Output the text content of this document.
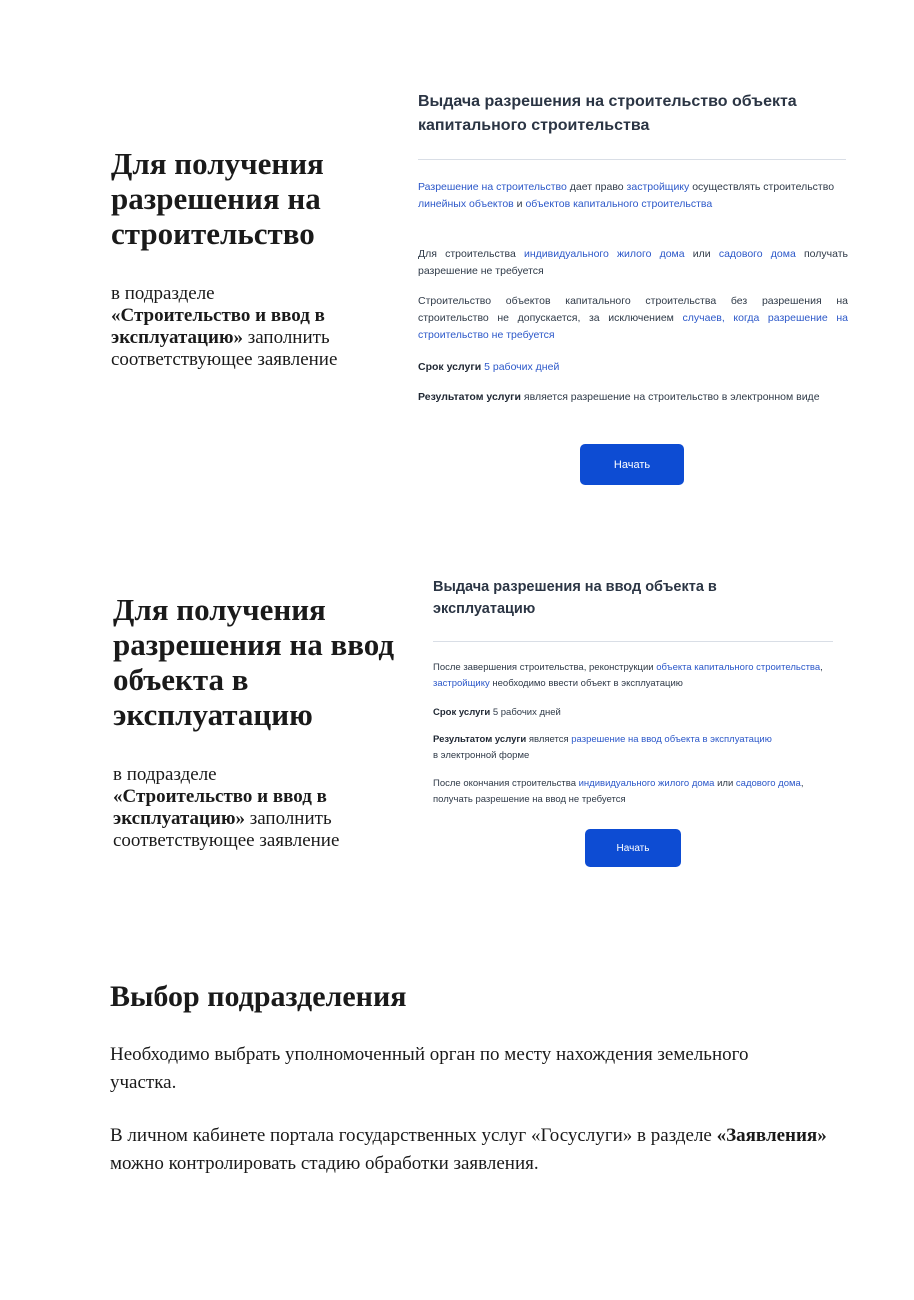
Для получения
разрешения на
строительство
в подразделе
«Строительство и ввод в эксплуатацию» заполнить соответствующее заявление
Выдача разрешения на строительство объекта капитального строительства
Разрешение на строительство дает право застройщику осуществлять строительство линейных объектов и объектов капитального строительства
Для строительства индивидуального жилого дома или садового дома получать разрешение не требуется
Строительство объектов капитального строительства без разрешения на строительство не допускается, за исключением случаев, когда разрешение на строительство не требуется
Срок услуги 5 рабочих дней
Результатом услуги является разрешение на строительство в электронном виде
Начать
Для получения
разрешения на ввод
объекта в
эксплуатацию
в подразделе
«Строительство и ввод в эксплуатацию» заполнить соответствующее заявление
Выдача разрешения на ввод объекта в эксплуатацию
После завершения строительства, реконструкции объекта капитального строительства, застройщику необходимо ввести объект в эксплуатацию
Срок услуги 5 рабочих дней
Результатом услуги является разрешение на ввод объекта в эксплуатацию в электронной форме
После окончания строительства индивидуального жилого дома или садового дома, получать разрешение на ввод не требуется
Начать
Выбор подразделения
Необходимо выбрать уполномоченный орган по месту нахождения земельного участка.
В личном кабинете портала государственных услуг «Госуслуги» в разделе «Заявления» можно контролировать стадию обработки заявления.
